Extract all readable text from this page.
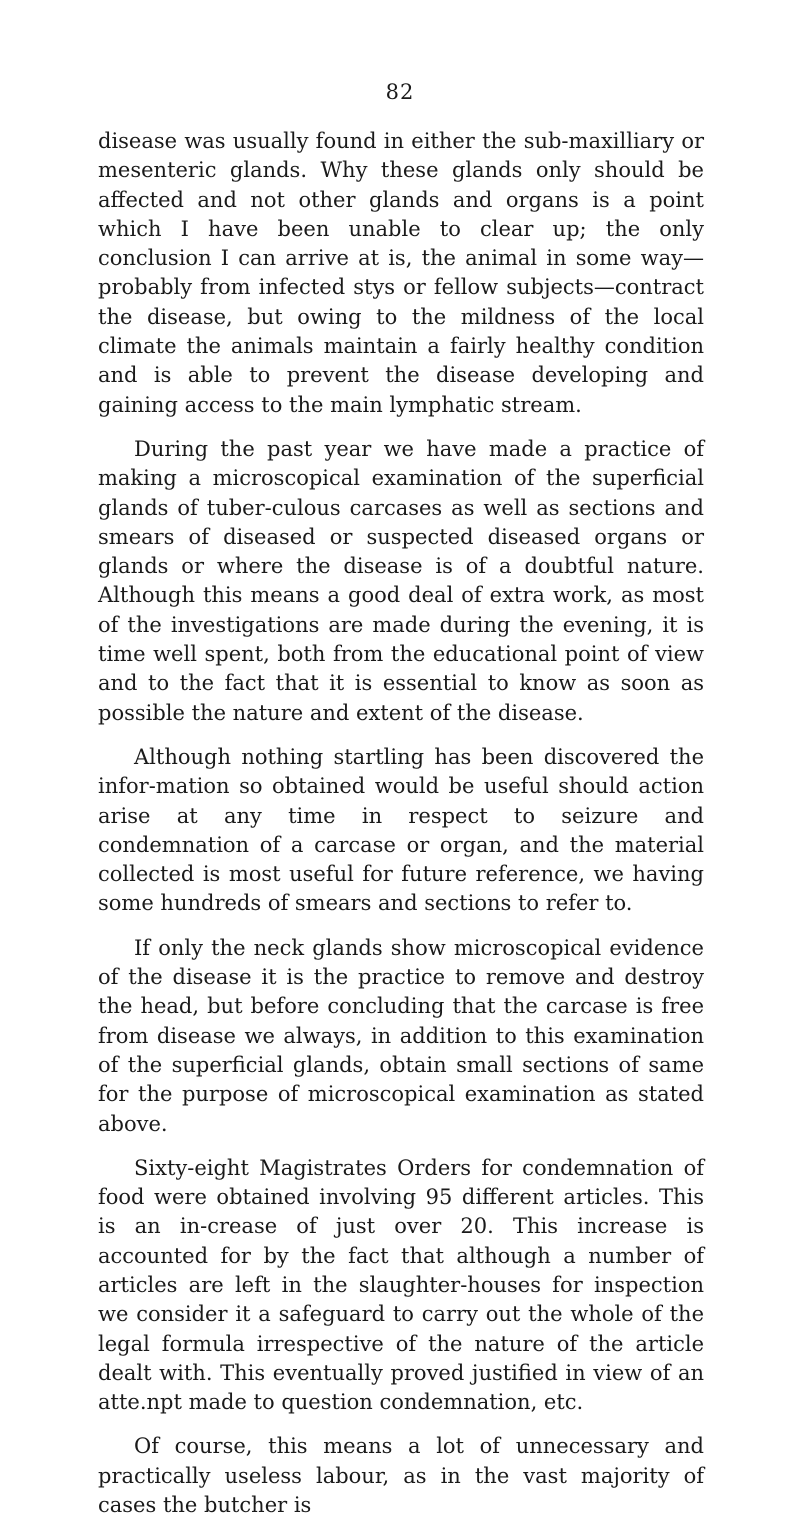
82

disease was usually found in either the sub-maxilliary or mesenteric glands. Why these glands only should be affected and not other glands and organs is a point which I have been unable to clear up; the only conclusion I can arrive at is, the animal in some way—probably from infected stys or fellow subjects—contract the disease, but owing to the mildness of the local climate the animals maintain a fairly healthy condition and is able to prevent the disease developing and gaining access to the main lymphatic stream.

During the past year we have made a practice of making a microscopical examination of the superficial glands of tuber-culous carcases as well as sections and smears of diseased or suspected diseased organs or glands or where the disease is of a doubtful nature. Although this means a good deal of extra work, as most of the investigations are made during the evening, it is time well spent, both from the educational point of view and to the fact that it is essential to know as soon as possible the nature and extent of the disease.

Although nothing startling has been discovered the infor-mation so obtained would be useful should action arise at any time in respect to seizure and condemnation of a carcase or organ, and the material collected is most useful for future reference, we having some hundreds of smears and sections to refer to.

If only the neck glands show microscopical evidence of the disease it is the practice to remove and destroy the head, but before concluding that the carcase is free from disease we always, in addition to this examination of the superficial glands, obtain small sections of same for the purpose of microscopical examination as stated above.

Sixty-eight Magistrates Orders for condemnation of food were obtained involving 95 different articles. This is an in-crease of just over 20. This increase is accounted for by the fact that although a number of articles are left in the slaughter-houses for inspection we consider it a safeguard to carry out the whole of the legal formula irrespective of the nature of the article dealt with. This eventually proved justified in view of an atte.npt made to question condemnation, etc.

Of course, this means a lot of unnecessary and practically useless labour, as in the vast majority of cases the butcher is
